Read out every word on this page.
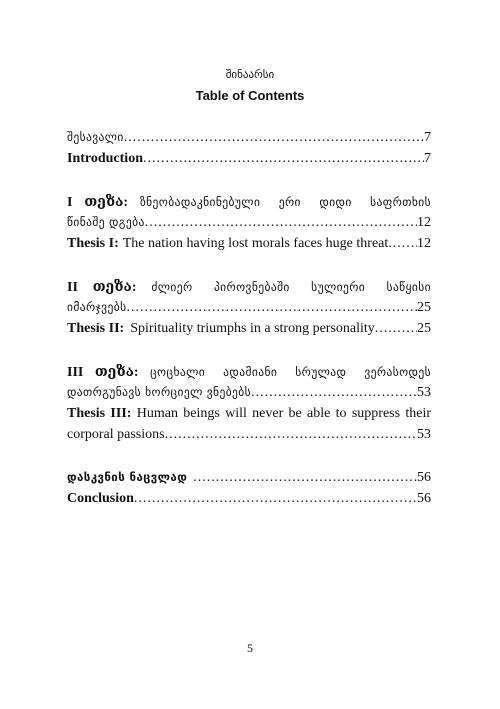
შინაარსი
Table of Contents
შესავალი .....	7
Introduction .....	7
I თეზა: ზნეობადაკნინებული ერი დიდი საფრთხის
წინაშე დგება .....	12
Thesis I: The nation having lost morals faces huge threat ..... 12
II თეზა: ძლიერ პიროვნებაში სულიერი საწყისი
იმარჯვებს .....	25
Thesis II: Spirituality triumphs in a strong personality .....	25
III თეზა: ცოცხალი ადამიანი სრულად ვერასოდეს
დათრგუნავს ხორციელ ვნებებს .....	53
Thesis III: Human beings will never be able to suppress their
corporal passions .....	53
დასკვნის ნაცვლად .....	56
Conclusion .....	56
5
